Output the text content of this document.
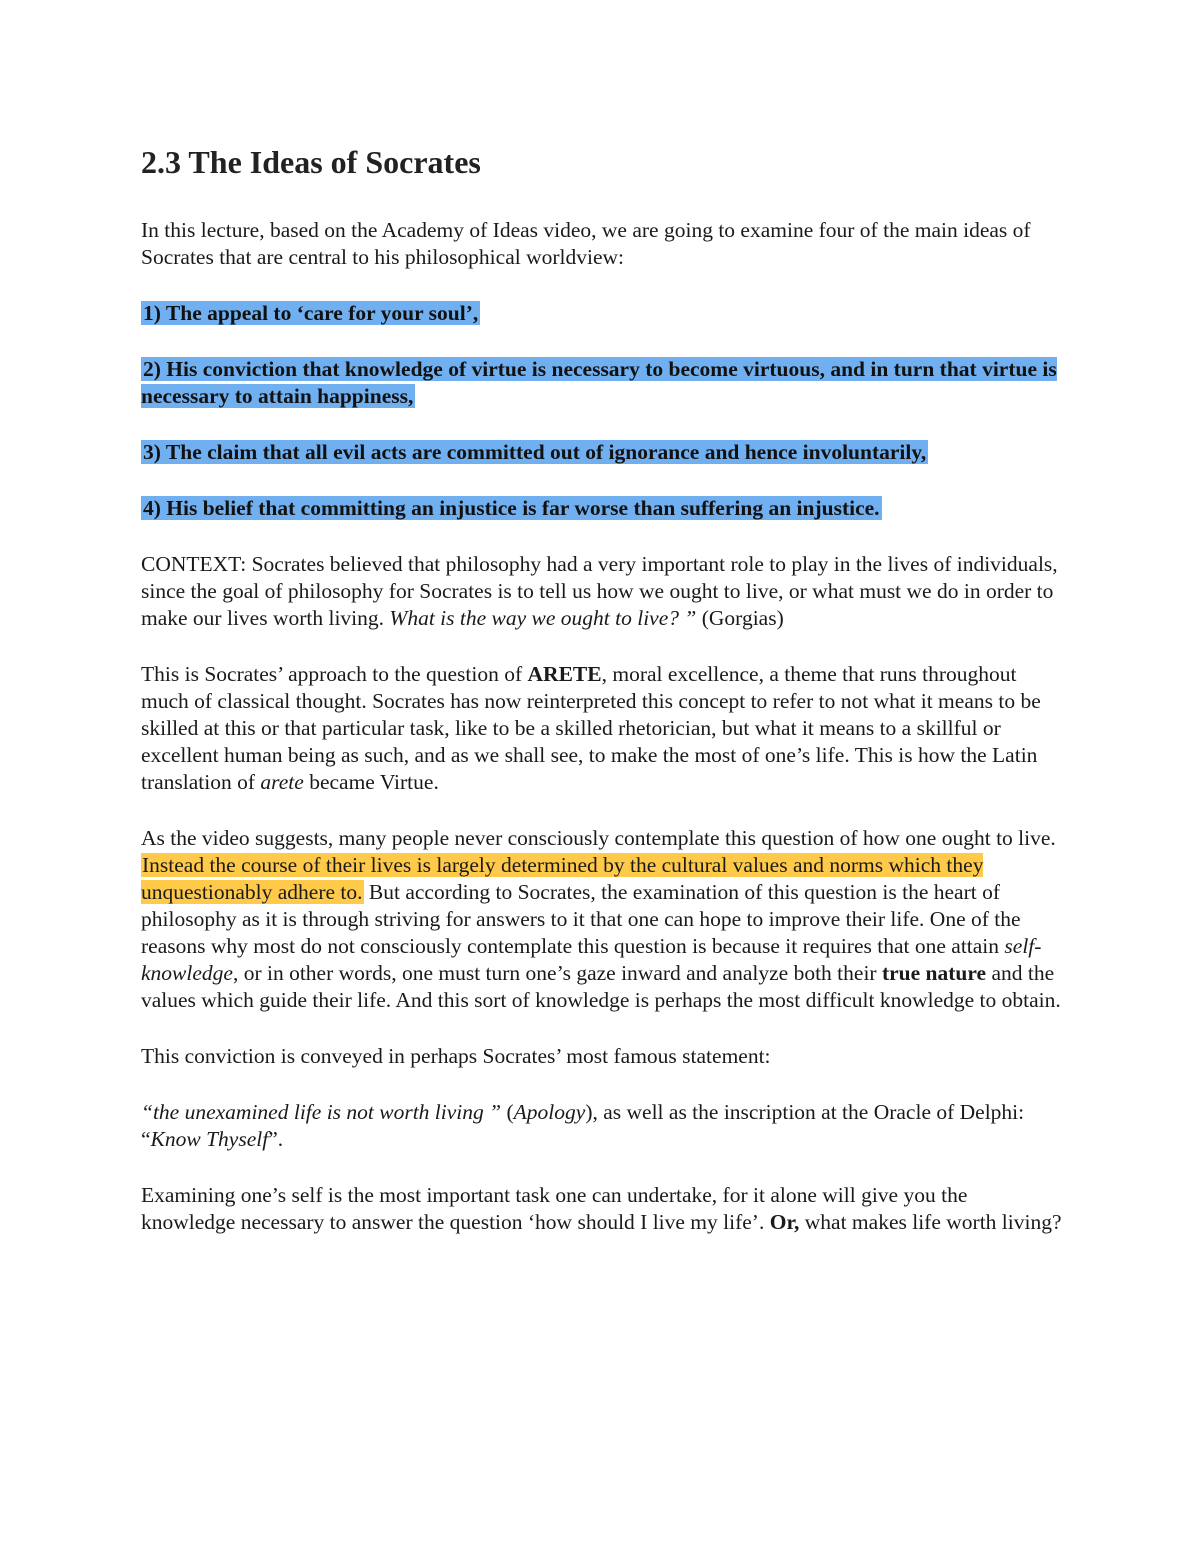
2.3 The Ideas of Socrates

In this lecture, based on the Academy of Ideas video, we are going to examine four of the main ideas of Socrates that are central to his philosophical worldview:

1) The appeal to ‘care for your soul’,

2) His conviction that knowledge of virtue is necessary to become virtuous, and in turn that virtue is necessary to attain happiness,

3) The claim that all evil acts are committed out of ignorance and hence involuntarily,

4) His belief that committing an injustice is far worse than suffering an injustice.

CONTEXT: Socrates believed that philosophy had a very important role to play in the lives of individuals, since the goal of philosophy for Socrates is to tell us how we ought to live, or what must we do in order to make our lives worth living. What is the way we ought to live? ” (Gorgias)

This is Socrates’ approach to the question of ARETE, moral excellence, a theme that runs throughout much of classical thought. Socrates has now reinterpreted this concept to refer to not what it means to be skilled at this or that particular task, like to be a skilled rhetorician, but what it means to a skillful or excellent human being as such, and as we shall see, to make the most of one’s life. This is how the Latin translation of arete became Virtue.

As the video suggests, many people never consciously contemplate this question of how one ought to live. Instead the course of their lives is largely determined by the cultural values and norms which they unquestionably adhere to. But according to Socrates, the examination of this question is the heart of philosophy as it is through striving for answers to it that one can hope to improve their life. One of the reasons why most do not consciously contemplate this question is because it requires that one attain self-knowledge, or in other words, one must turn one’s gaze inward and analyze both their true nature and the values which guide their life. And this sort of knowledge is perhaps the most difficult knowledge to obtain.

This conviction is conveyed in perhaps Socrates’ most famous statement:

“the unexamined life is not worth living ” (Apology), as well as the inscription at the Oracle of Delphi: “Know Thyself”.

Examining one’s self is the most important task one can undertake, for it alone will give you the knowledge necessary to answer the question ‘how should I live my life’. Or, what makes life worth living?
